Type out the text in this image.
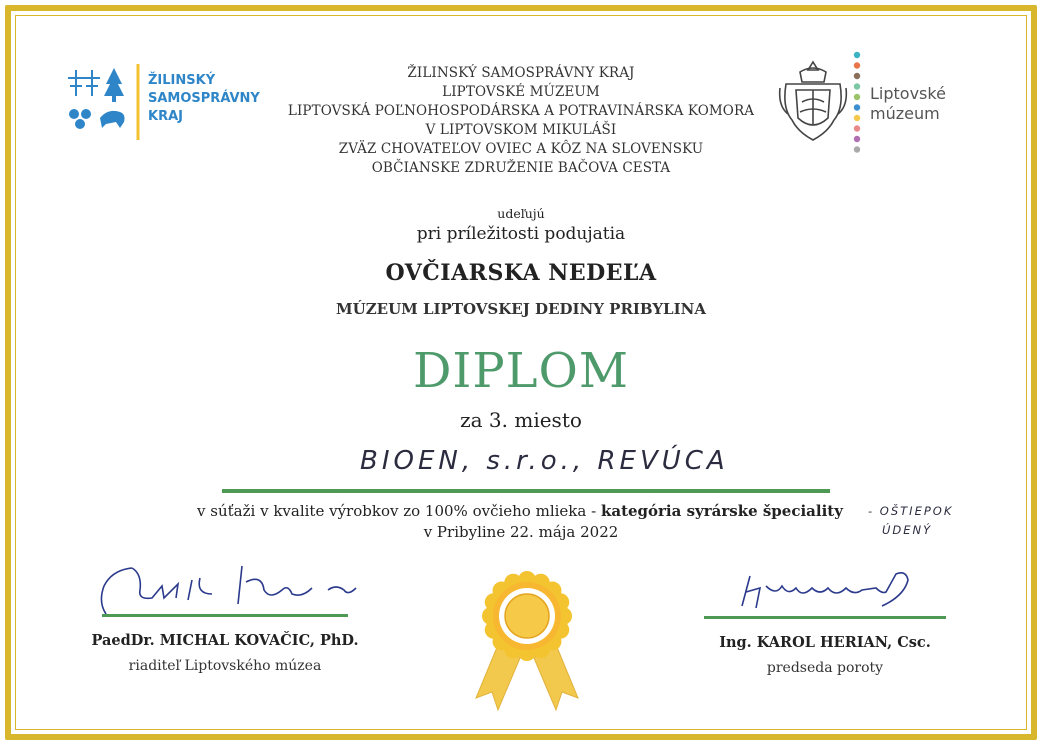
ŽILINSKÝ
SAMOSPRÁVNY
KRAJ
Liptovské
múzeum
ŽILINSKÝ SAMOSPRÁVNY KRAJ
LIPTOVSKÉ MÚZEUM
LIPTOVSKÁ POĽNOHOSPODÁRSKA A POTRAVINÁRSKA KOMORA
V LIPTOVSKOM MIKULÁŠI
ZVÄZ CHOVATEĽOV OVIEC A KÔZ NA SLOVENSKU
OBČIANSKE ZDRUŽENIE BAČOVA CESTA
udeľujú
pri príležitosti podujatia
OVČIARSKA NEDEĽA
MÚZEUM LIPTOVSKEJ DEDINY PRIBYLINA
DIPLOM
za 3. miesto
BIOEN, s.r.o., REVÚCA
v súťaži v kvalite výrobkov zo 100% ovčieho mlieka - kategória syrárske špeciality	- OŠTIEPOK
ÚDENÝ
v Pribyline 22. mája 2022
PaedDr. MICHAL KOVAČIC, PhD.
riaditeľ Liptovského múzea
Ing. KAROL HERIAN, Csc.
predseda poroty
